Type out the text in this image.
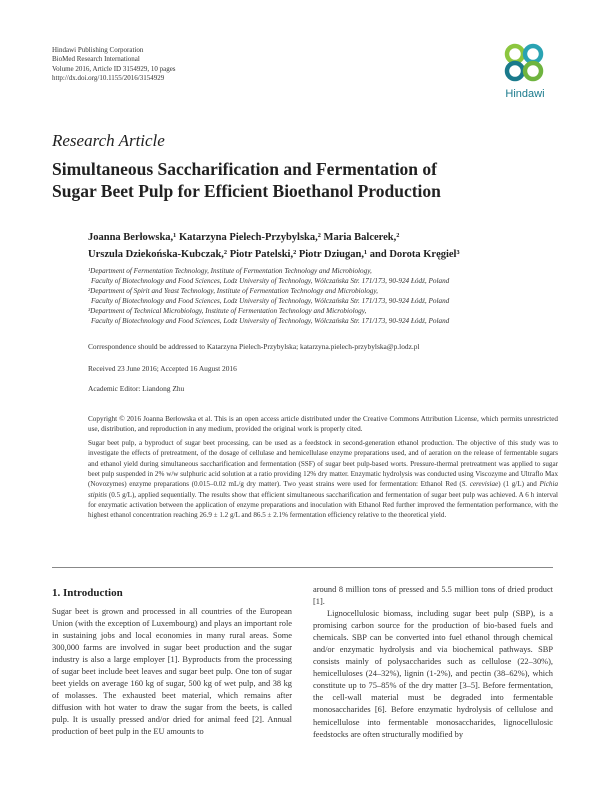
Hindawi Publishing Corporation
BioMed Research International
Volume 2016, Article ID 3154929, 10 pages
http://dx.doi.org/10.1155/2016/3154929
Hindawi
Research Article
Simultaneous Saccharification and Fermentation of
Sugar Beet Pulp for Efficient Bioethanol Production
Joanna Berłowska,¹ Katarzyna Pielech-Przybylska,² Maria Balcerek,²
Urszula Dziekońska-Kubczak,² Piotr Patelski,² Piotr Dziugan,¹ and Dorota Kręgiel³
¹Department of Fermentation Technology, Institute of Fermentation Technology and Microbiology,
Faculty of Biotechnology and Food Sciences, Lodz University of Technology, Wólczańska Str. 171/173, 90-924 Łódź, Poland
²Department of Spirit and Yeast Technology, Institute of Fermentation Technology and Microbiology,
Faculty of Biotechnology and Food Sciences, Lodz University of Technology, Wólczańska Str. 171/173, 90-924 Łódź, Poland
³Department of Technical Microbiology, Institute of Fermentation Technology and Microbiology,
Faculty of Biotechnology and Food Sciences, Lodz University of Technology, Wólczańska Str. 171/173, 90-924 Łódź, Poland
Correspondence should be addressed to Katarzyna Pielech-Przybylska; katarzyna.pielech-przybylska@p.lodz.pl
Received 23 June 2016; Accepted 16 August 2016
Academic Editor: Liandong Zhu
Copyright © 2016 Joanna Berłowska et al. This is an open access article distributed under the Creative Commons Attribution License, which permits unrestricted use, distribution, and reproduction in any medium, provided the original work is properly cited.
Sugar beet pulp, a byproduct of sugar beet processing, can be used as a feedstock in second-generation ethanol production. The objective of this study was to investigate the effects of pretreatment, of the dosage of cellulase and hemicellulase enzyme preparations used, and of aeration on the release of fermentable sugars and ethanol yield during simultaneous saccharification and fermentation (SSF) of sugar beet pulp-based worts. Pressure-thermal pretreatment was applied to sugar beet pulp suspended in 2% w/w sulphuric acid solution at a ratio providing 12% dry matter. Enzymatic hydrolysis was conducted using Viscozyme and Ultraflo Max (Novozymes) enzyme preparations (0.015–0.02 mL/g dry matter). Two yeast strains were used for fermentation: Ethanol Red (S. cerevisiae) (1 g/L) and Pichia stipitis (0.5 g/L), applied sequentially. The results show that efficient simultaneous saccharification and fermentation of sugar beet pulp was achieved. A 6 h interval for enzymatic activation between the application of enzyme preparations and inoculation with Ethanol Red further improved the fermentation performance, with the highest ethanol concentration reaching 26.9 ± 1.2 g/L and 86.5 ± 2.1% fermentation efficiency relative to the theoretical yield.
1. Introduction

Sugar beet is grown and processed in all countries of the European Union (with the exception of Luxembourg) and plays an important role in sustaining jobs and local economies in many rural areas. Some 300,000 farms are involved in sugar beet production and the sugar industry is also a large employer [1]. Byproducts from the processing of sugar beet include beet leaves and sugar beet pulp. One ton of sugar beet yields on average 160 kg of sugar, 500 kg of wet pulp, and 38 kg of molasses. The exhausted beet material, which remains after diffusion with hot water to draw the sugar from the beets, is called pulp. It is usually pressed and/or dried for animal feed [2]. Annual production of beet pulp in the EU amounts to

around 8 million tons of pressed and 5.5 million tons of dried product [1].

Lignocellulosic biomass, including sugar beet pulp (SBP), is a promising carbon source for the production of bio-based fuels and chemicals. SBP can be converted into fuel ethanol through chemical and/or enzymatic hydrolysis and via biochemical pathways. SBP consists mainly of polysaccharides such as cellulose (22–30%), hemicelluloses (24–32%), lignin (1-2%), and pectin (38–62%), which constitute up to 75–85% of the dry matter [3–5]. Before fermentation, the cell-wall material must be degraded into fermentable monosaccharides [6]. Before enzymatic hydrolysis of cellulose and hemicellulose into fermentable monosaccharides, lignocellulosic feedstocks are often structurally modified by
